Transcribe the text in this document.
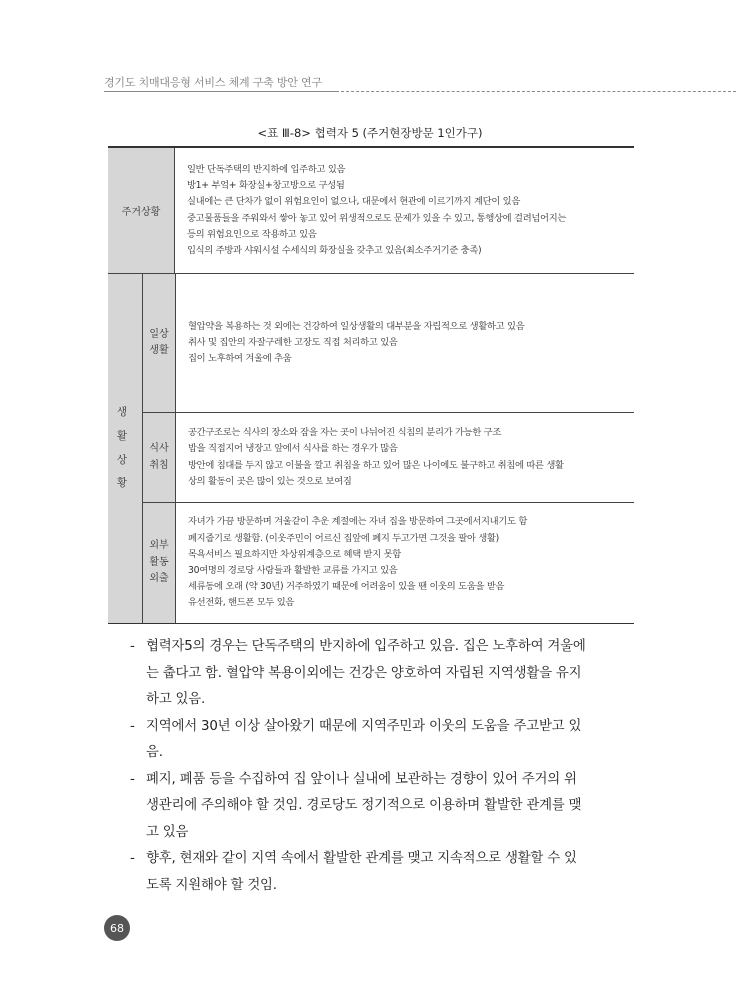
경기도 치매대응형 서비스 체계 구축 방안 연구
<표 Ⅲ-8> 협력자 5 (주거현장방문 1인가구)
주거상황
일반 단독주택의 반지하에 입주하고 있음
방1+ 부엌+ 화장실+창고방으로 구성됨
실내에는 큰 단차가 없이 위험요인이 없으나, 대문에서 현관에 이르기까지 계단이 있음
중고물품들을 주워와서 쌓아 놓고 있어 위생적으로도 문제가 있을 수 있고, 통행상에 걸려넘어지는
등의 위험요인으로 작용하고 있음
입식의 주방과 샤워시설 수세식의 화장실을 갖추고 있음(최소주거기준 충족)
생
활
상
황
일상
생활
혈압약을 복용하는 것 외에는 건강하여 일상생활의 대부분을 자립적으로 생활하고 있음
취사 및 집안의 자잘구레한 고장도 직접 처리하고 있음
집이 노후하여 겨울에 추움
식사
취침
공간구조로는 식사의 장소와 잠을 자는 곳이 나뉘어진 식침의 분리가 가능한 구조
밥을 직접지어 냉장고 앞에서 식사를 하는 경우가 많음
방안에 침대를 두지 않고 이불을 깔고 취침을 하고 있어 많은 나이에도 불구하고 취침에 따른 생활
상의 활동이 곳은 많이 있는 것으로 보여짐
외부
활동
외출
자녀가 가끔 방문하며 겨울같이 추운 계절에는 자녀 집을 방문하여 그곳에서지내기도 함
폐지줍기로 생활함. (이웃주민이 어르신 집앞에 폐지 두고가면 그것을 팔아 생활)
목욕서비스 필요하지만 차상위계층으로 혜택 받지 못함
30여명의 경로당 사람들과 활발한 교류를 가지고 있음
세류동에 오래 (약 30년) 거주하였기 때문에 어려움이 있을 땐 이웃의 도움을 받음
유선전화, 핸드폰 모두 있음
- 협력자5의 경우는 단독주택의 반지하에 입주하고 있음. 집은 노후하여 겨울에
는 춥다고 함. 혈압약 복용이외에는 건강은 양호하여 자립된 지역생활을 유지
하고 있음.
- 지역에서 30년 이상 살아왔기 때문에 지역주민과 이웃의 도움을 주고받고 있
음.
- 폐지, 폐품 등을 수집하여 집 앞이나 실내에 보관하는 경향이 있어 주거의 위
생관리에 주의해야 할 것임. 경로당도 정기적으로 이용하며 활발한 관계를 맺
고 있음
- 향후, 현재와 같이 지역 속에서 활발한 관계를 맺고 지속적으로 생활할 수 있
도록 지원해야 할 것임.
68
